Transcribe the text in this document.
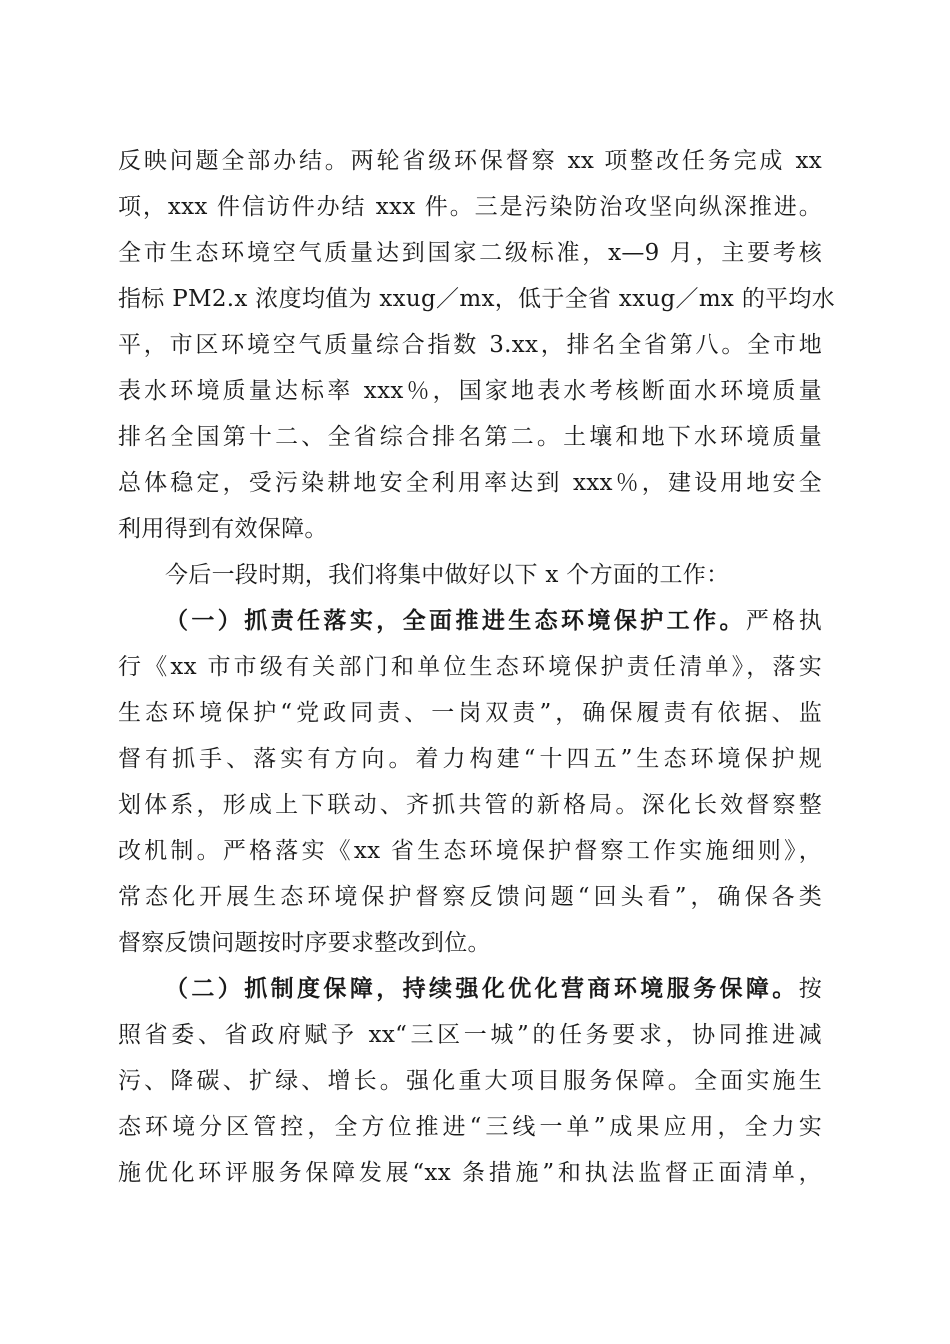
反映问题全部办结。两轮省级环保督察 xx 项整改任务完成 xx
项，xxx 件信访件办结 xxx 件。三是污染防治攻坚向纵深推进。
全市生态环境空气质量达到国家二级标准，x—9 月，主要考核
指标 PM2.x 浓度均值为 xxug／mx，低于全省 xxug／mx 的平均水
平，市区环境空气质量综合指数 3.xx，排名全省第八。全市地
表水环境质量达标率 xxx％，国家地表水考核断面水环境质量
排名全国第十二、全省综合排名第二。土壤和地下水环境质量
总体稳定，受污染耕地安全利用率达到 xxx％，建设用地安全
利用得到有效保障。
今后一段时期，我们将集中做好以下 x 个方面的工作：
（一）抓责任落实，全面推进生态环境保护工作。严格执
行《xx 市市级有关部门和单位生态环境保护责任清单》，落实
生态环境保护“党政同责、一岗双责”，确保履责有依据、监
督有抓手、落实有方向。着力构建“十四五”生态环境保护规
划体系，形成上下联动、齐抓共管的新格局。深化长效督察整
改机制。严格落实《xx 省生态环境保护督察工作实施细则》，
常态化开展生态环境保护督察反馈问题“回头看”，确保各类
督察反馈问题按时序要求整改到位。
（二）抓制度保障，持续强化优化营商环境服务保障。按
照省委、省政府赋予 xx“三区一城”的任务要求，协同推进减
污、降碳、扩绿、增长。强化重大项目服务保障。全面实施生
态环境分区管控，全方位推进“三线一单”成果应用，全力实
施优化环评服务保障发展“xx 条措施”和执法监督正面清单，
